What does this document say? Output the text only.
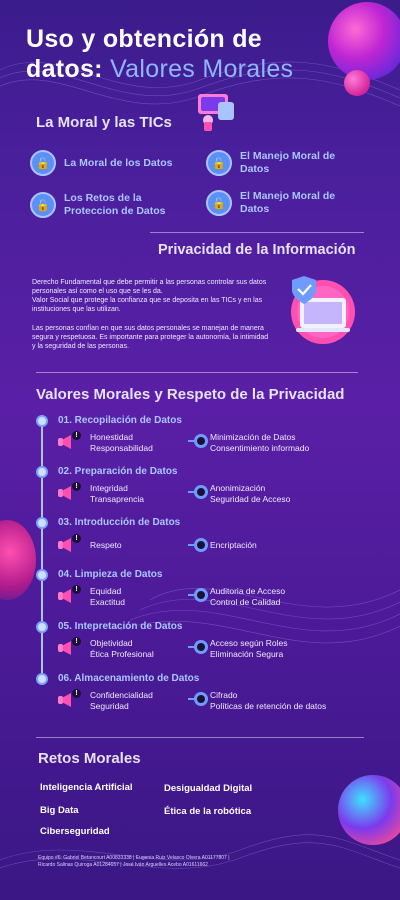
Uso y obtención de
datos: Valores Morales
La Moral y las TICs
🔓	La Moral de los Datos	🔓
El Manejo Moral de Datos
🔓
Los Retos de la Proteccion de Datos
🔓
El Manejo Moral de Datos
Privacidad de la Información
Derecho Fundamental que debe permitir a las personas controlar sus datos personales así como el uso que se les da.
Valor Social que protege la confianza que se deposita en las TICs y en las instituciones que las utilizan.
Las personas confían en que sus datos personales se manejan de manera segura y respetuosa. Es importante para proteger la autonomía, la intimidad y la seguridad de las personas.
Valores Morales y Respeto de la Privacidad
01. Recopilación de Datos
!	Honestidad
Responsabilidad
Minimización de Datos
Consentimiento informado
02. Preparación de Datos
!	Integridad
Transaprencia
Anonimización
Seguridad de Acceso
03. Introducción de Datos
!
Respeto	Encriptación
04. Limpieza de Datos
!	Equidad
Exactitud
Auditoria de Acceso
Control de Calidad
05. Intepretación de Datos
!	Objetividad
Ética Profesional
Acceso según Roles
Eliminación Segura
06. Almacenamiento de Datos
!	Confidencialidad
Seguridad
Cifrado
Políticas de retención de datos
Retos Morales
Inteligencia Artificial	Desigualdad Digital
Big Data	Ética de la robótica
Ciberseguridad
Equipo #6: Gabriel Betancourt A00833338 | Eugenia Ruiz Velasco Olvera A01177807 |
Ricardo Salinas Quiroga A01284657 | José Iván Arguelles Acebo A01611662
